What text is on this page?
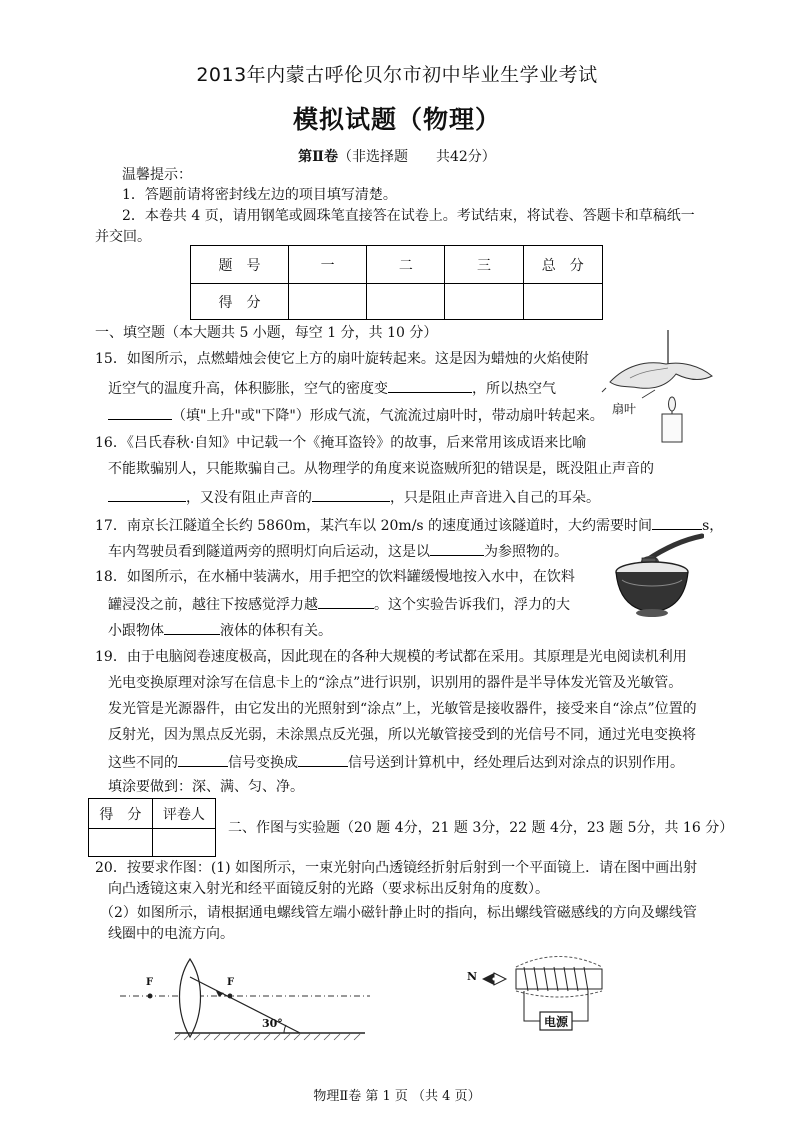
2013年内蒙古呼伦贝尔市初中毕业生学业考试
模拟试题（物理）
第Ⅱ卷（非选择题　　共42分）
温馨提示：
1．答题前请将密封线左边的项目填写清楚。
2．本卷共 4 页，请用钢笔或圆珠笔直接答在试卷上。考试结束，将试卷、答题卡和草稿纸一
并交回。
题　号	一	二	三	总　分
得　分				
一、填空题（本大题共 5 小题，每空 1 分，共 10 分）
15．如图所示，点燃蜡烛会使它上方的扇叶旋转起来。这是因为蜡烛的火焰使附
近空气的温度升高，体积膨胀，空气的密度变	，所以热空气
（填"上升"或"下降"）形成气流，气流流过扇叶时，带动扇叶转起来。 扇叶
16．《吕氏春秋·自知》中记载一个《掩耳盗铃》的故事，后来常用该成语来比喻
不能欺骗别人，只能欺骗自己。从物理学的角度来说盗贼所犯的错误是，既没阻止声音的
，又没有阻止声音的	，只是阻止声音进入自己的耳朵。
17．南京长江隧道全长约 5860m，某汽车以 20m/s 的速度通过该隧道时，大约需要时间	s，
车内驾驶员看到隧道两旁的照明灯向后运动，这是以	为参照物的。
18．如图所示，在水桶中装满水，用手把空的饮料罐缓慢地按入水中，在饮料
罐浸没之前，越往下按感觉浮力越	。这个实验告诉我们，浮力的大
小跟物体	液体的体积有关。
19．由于电脑阅卷速度极高，因此现在的各种大规模的考试都在采用。其原理是光电阅读机利用
光电变换原理对涂写在信息卡上的“涂点”进行识别，识别用的器件是半导体发光管及光敏管。
发光管是光源器件，由它发出的光照射到“涂点”上，光敏管是接收器件，接受来自“涂点”位置的
反射光，因为黑点反光弱，未涂黑点反光强，所以光敏管接受到的光信号不同，通过光电变换将
这些不同的	信号变换成	信号送到计算机中，经处理后达到对涂点的识别作用。
填涂要做到：深、满、匀、净。
得　分	评卷人

二、作图与实验题（20 题 4分，21 题 3分，22 题 4分，23 题 5分，共 16 分）
20．按要求作图：(1) 如图所示，一束光射向凸透镜经折射后射到一个平面镜上．请在图中画出射
向凸透镜这束入射光和经平面镜反射的光路（要求标出反射角的度数）。
（2）如图所示，请根据通电螺线管左端小磁针静止时的指向，标出螺线管磁感线的方向及螺线管
线圈中的电流方向。
F	F
30°
N
电源
物理Ⅱ卷 第 1 页 （共 4 页）
